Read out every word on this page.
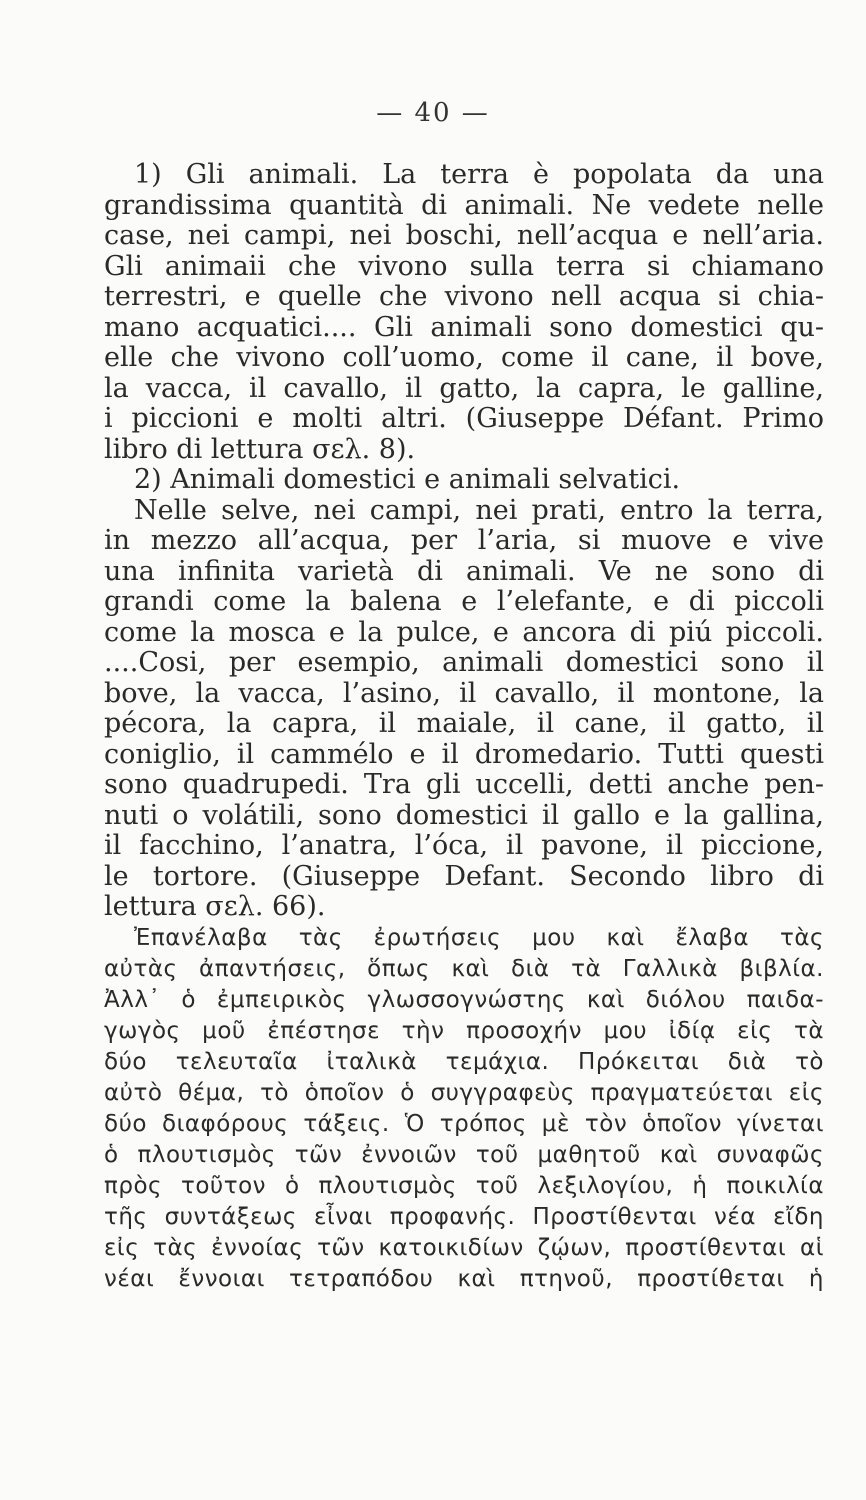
— 40 —
1) Gli animali. La terra è popolata da una
grandissima quantità di animali. Ne vedete nelle
case, nei campi, nei boschi, nell’acqua e nell’aria.
Gli animaii che vivono sulla terra si chiamano
terrestri, e quelle che vivono nell acqua si chia-
mano acquatici.... Gli animali sono domestici qu-
elle che vivono coll’uomo, come il cane, il bove,
la vacca, il cavallo, il gatto, la capra, le galline,
i piccioni e molti altri. (Giuseppe Défant. Primo
libro di lettura σελ. 8).
2) Animali domestici e animali selvatici.
Nelle selve, nei campi, nei prati, entro la terra,
in mezzo all’acqua, per l’aria, si muove e vive
una infinita varietà di animali. Ve ne sono di
grandi come la balena e l’elefante, e di piccoli
come la mosca e la pulce, e ancora di piú piccoli.
....Cosi, per esempio, animali domestici sono il
bove, la vacca, l’asino, il cavallo, il montone, la
pécora, la capra, il maiale, il cane, il gatto, il
coniglio, il cammélo e il dromedario. Tutti questi
sono quadrupedi. Tra gli uccelli, detti anche pen-
nuti o volátili, sono domestici il gallo e la gallina,
il facchino, l’anatra, l’óca, il pavone, il piccione,
le tortore. (Giuseppe Defant. Secondo libro di
lettura σελ. 66).
Ἐπανέλαβα τὰς ἐρωτήσεις μου καὶ ἔλαβα τὰς
αὐτὰς ἀπαντήσεις, ὅπως καὶ διὰ τὰ Γαλλικὰ βιβλία.
Ἀλλ᾽ ὁ ἐμπειρικὸς γλωσσογνώστης καὶ διόλου παιδα-
γωγὸς μοῦ ἐπέστησε τὴν προσοχήν μου ἰδίᾳ εἰς τὰ
δύο τελευταῖα ἰταλικὰ τεμάχια. Πρόκειται διὰ τὸ
αὐτὸ θέμα, τὸ ὁποῖον ὁ συγγραφεὺς πραγματεύεται εἰς
δύο διαφόρους τάξεις. Ὁ τρόπος μὲ τὸν ὁποῖον γίνεται
ὁ πλουτισμὸς τῶν ἐννοιῶν τοῦ μαθητοῦ καὶ συναφῶς
πρὸς τοῦτον ὁ πλουτισμὸς τοῦ λεξιλογίου, ἡ ποικιλία
τῆς συντάξεως εἶναι προφανής. Προστίθενται νέα εἴδη
εἰς τὰς ἐννοίας τῶν κατοικιδίων ζῴων, προστίθενται αἱ
νέαι ἔννοιαι τετραπόδου καὶ πτηνοῦ, προστίθεται ἡ
